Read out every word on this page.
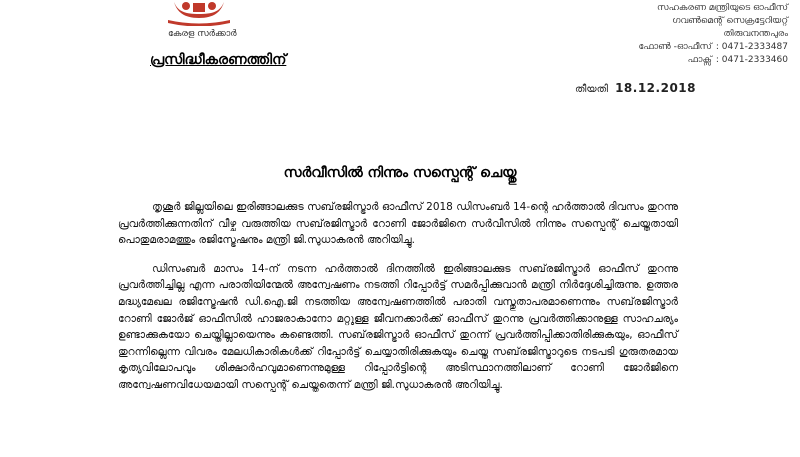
കേരള സർക്കാർ
പ്രസിദ്ധീകരണത്തിന്
സഹകരണ മന്ത്രിയുടെ ഓഫീസ്
ഗവൺമെന്റ് സെക്രട്ടേറിയറ്റ്
തിരുവനന്തപുരം
ഫോൺ -ഓഫീസ് : 0471-2333487
ഫാക്സ് : 0471-2333460
തീയതി 18.12.2018
സർവീസിൽ നിന്നും സസ്പെന്റ് ചെയ്തു

തൃശൂർ ജില്ലയിലെ ഇരിങ്ങാലക്കുട സബ്‌രജിസ്ട്രാർ ഓഫീസ് 2018 ഡിസംബർ 14-ന്റെ ഹർത്താൽ ദിവസം തുറന്നു പ്രവർത്തിക്കുന്നതിന് വീഴ്ച വരുത്തിയ സബ്‌രജിസ്ട്രാർ റോണി ജോർജിനെ സർവീസിൽ നിന്നും സസ്പെന്റ് ചെയ്തതായി പൊതുമരാമത്തും രജിസ്ട്രേഷനും മന്ത്രി ജി.സുധാകരൻ അറിയിച്ചു.

ഡിസംബർ മാസം 14-ന് നടന്ന ഹർത്താൽ ദിനത്തിൽ ഇരിങ്ങാലക്കുട സബ്‌രജിസ്ട്രാർ ഓഫീസ് തുറന്നു പ്രവർത്തിച്ചില്ല എന്ന പരാതിയിന്മേൽ അന്വേഷണം നടത്തി റിപ്പോർട്ട് സമർപ്പിക്കുവാൻ മന്ത്രി നിർദ്ദേശിച്ചിരുന്നു. ഉത്തര മദ്ധ്യമേഖല രജിസ്ട്രേഷൻ ഡി.ഐ.ജി നടത്തിയ അന്വേഷണത്തിൽ പരാതി വസ്തുതാപരമാണെന്നും സബ്‌രജിസ്ട്രാർ റോണി ജോർജ് ഓഫീസിൽ ഹാജരാകാനോ മറ്റുള്ള ജീവനക്കാർക്ക് ഓഫീസ് തുറന്നു പ്രവർത്തിക്കാനുള്ള സാഹചര്യം ഉണ്ടാക്കുകയോ ചെയ്തില്ലായെന്നും കണ്ടെത്തി. സബ്‌രജിസ്ട്രാർ ഓഫീസ് തുറന്ന് പ്രവർത്തിപ്പിക്കാതിരിക്കുകയും, ഓഫീസ് തുറന്നില്ലെന്ന വിവരം മേലധികാരികൾക്ക് റിപ്പോർട്ട് ചെയ്യാതിരിക്കുകയും ചെയ്ത സബ്‌രജിസ്ട്രാറുടെ നടപടി ഗുരുതരമായ കൃത്യവിലോപവും ശിക്ഷാർഹവുമാണെന്നുമുള്ള റിപ്പോർട്ടിന്റെ അടിസ്ഥാനത്തിലാണ് റോണി ജോർജിനെ അന്വേഷണവിധേയമായി സസ്പെന്റ് ചെയ്തതെന്ന് മന്ത്രി ജി.സുധാകരൻ അറിയിച്ചു.
